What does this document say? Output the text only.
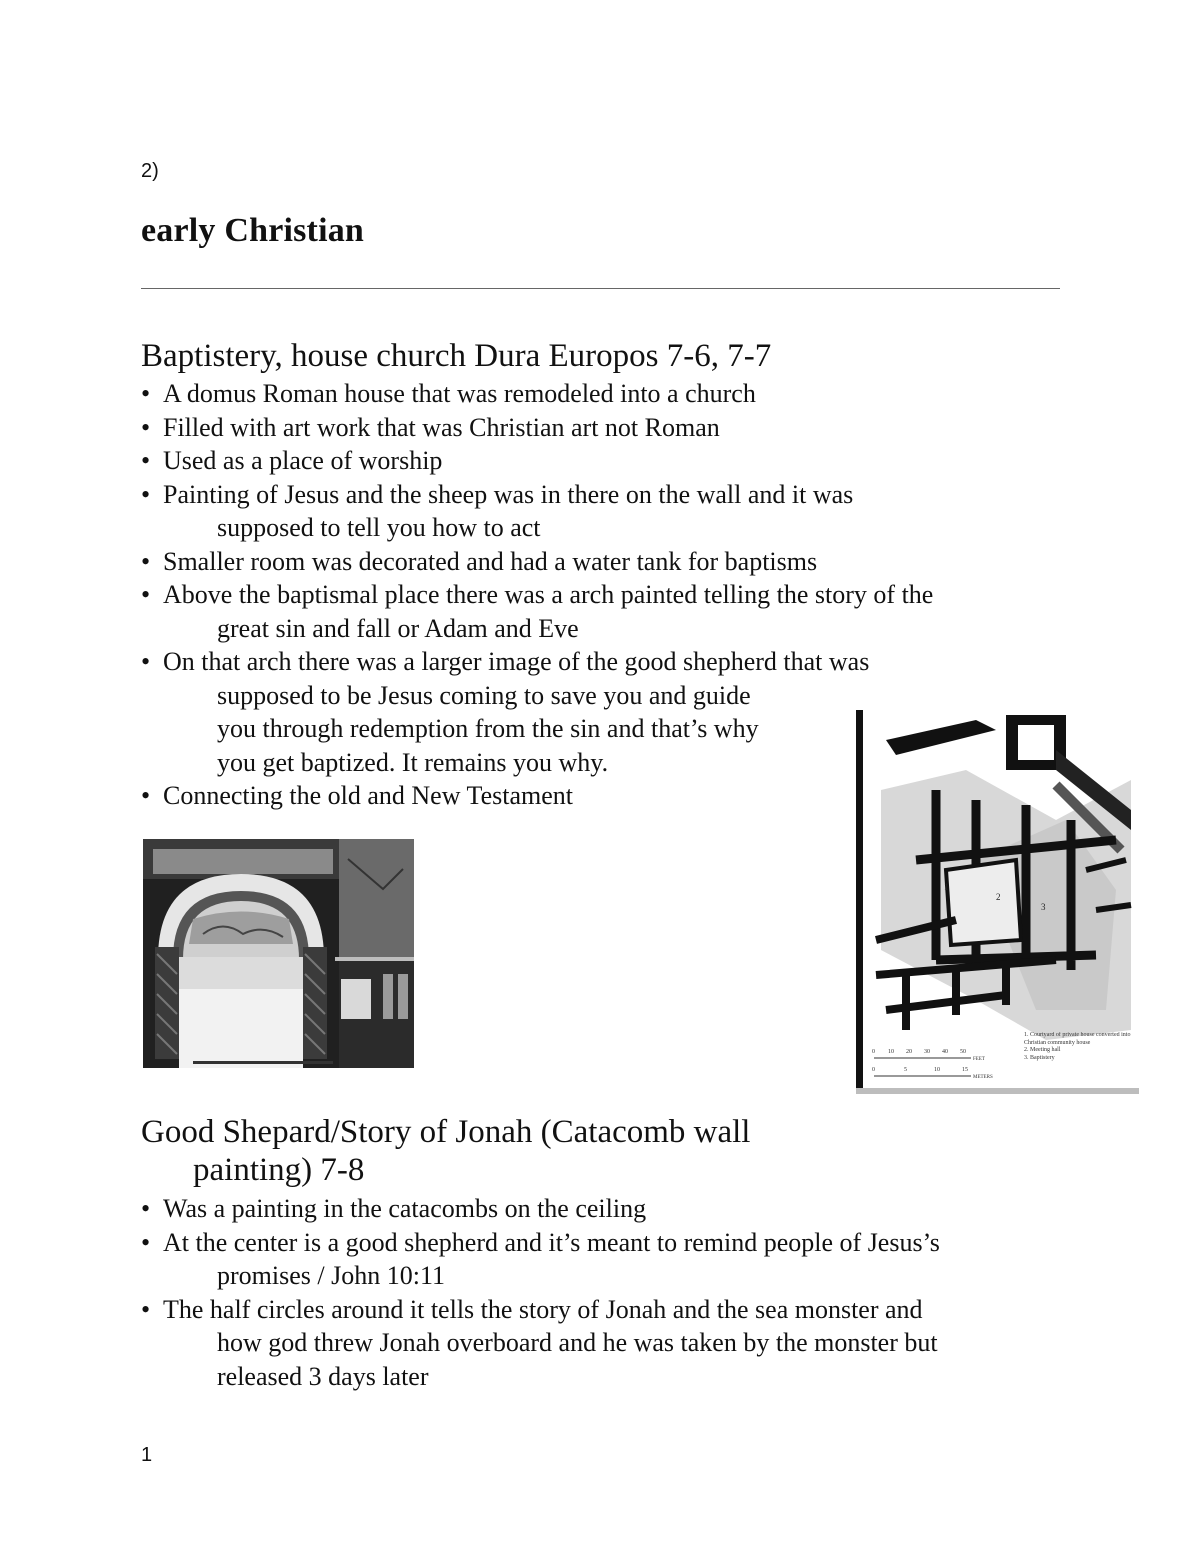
2)
early Christian
Baptistery, house church Dura Europos 7-6, 7-7
• A domus Roman house that was remodeled into a church
• Filled with art work that was Christian art not Roman
• Used as a place of worship
• Painting of Jesus and the sheep was in there on the wall and it was
supposed to tell you how to act
• Smaller room was decorated and had a water tank for baptisms
• Above the baptismal place there was a arch painted telling the story of the
great sin and fall or Adam and Eve
• On that arch there was a larger image of the good shepherd that was
supposed to be Jesus coming to save you and guide
you through redemption from the sin and that’s why
you get baptized. It remains you why.
• Connecting the old and New Testament
1
2
3
0 10 20 30 40 50
FEET
0	5	10	15
METERS
1. Courtyard of private house converted into Christian community house
2. Meeting hall
3. Baptistery
Good Shepard/Story of Jonah (Catacomb wall
painting) 7-8
• Was a painting in the catacombs on the ceiling
• At the center is a good shepherd and it’s meant to remind people of Jesus’s
promises / John 10:11
• The half circles around it tells the story of Jonah and the sea monster and
how god threw Jonah overboard and he was taken by the monster but
released 3 days later
1
